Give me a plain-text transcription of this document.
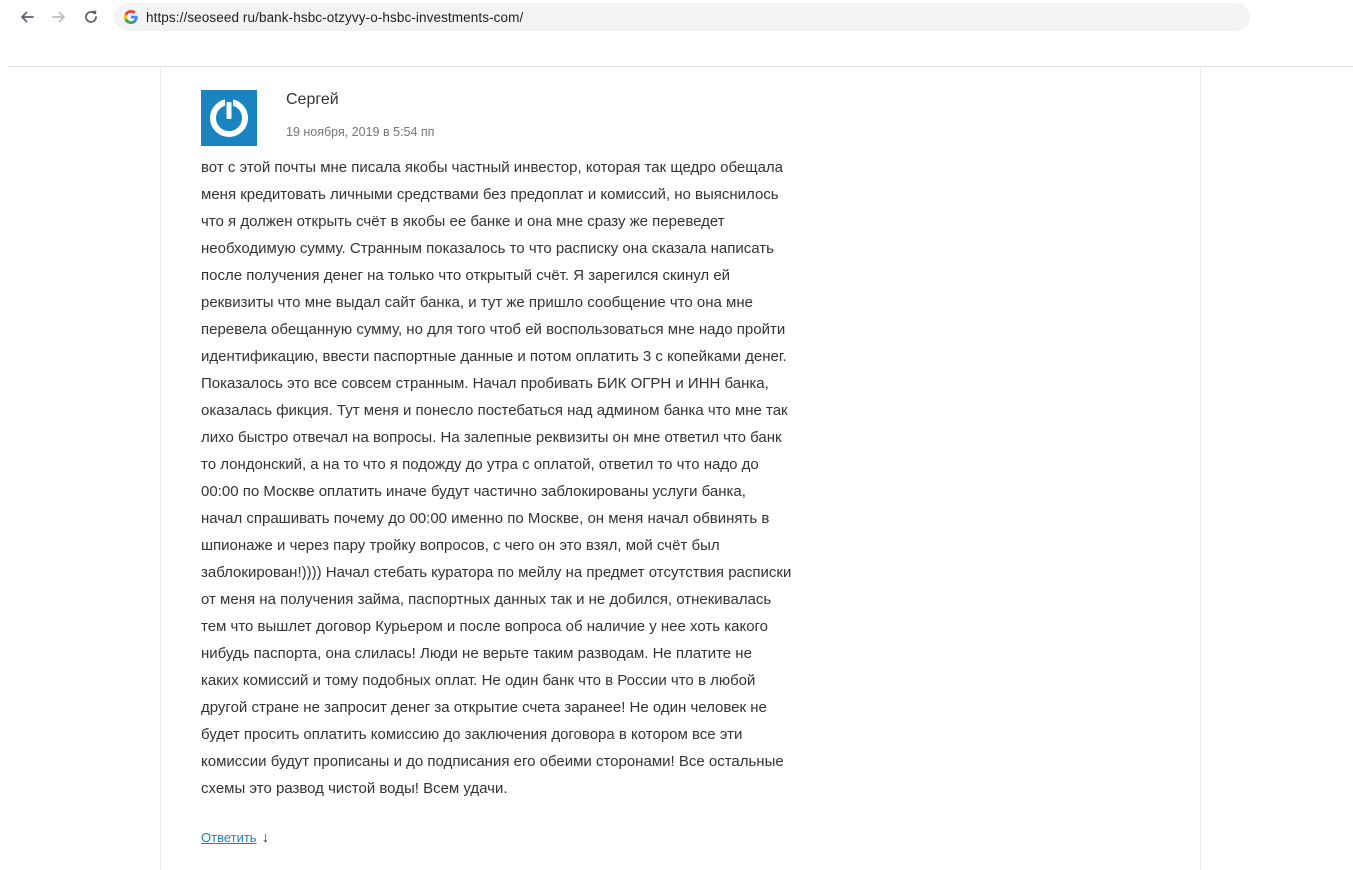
https://seoseed ru/bank-hsbc-otzyvy-o-hsbc-investments-com/
Сергей
19 ноября, 2019 в 5:54 пп
вот с этой почты мне писала якобы частный инвестор, которая так щедро обещала
меня кредитовать личными средствами без предоплат и комиссий, но выяснилось
что я должен открыть счёт в якобы ее банке и она мне сразу же переведет
необходимую сумму. Странным показалось то что расписку она сказала написать
после получения денег на только что открытый счёт. Я зарегился скинул ей
реквизиты что мне выдал сайт банка, и тут же пришло сообщение что она мне
перевела обещанную сумму, но для того чтоб ей воспользоваться мне надо пройти
идентификацию, ввести паспортные данные и потом оплатить 3 с копейками денег.
Показалось это все совсем странным. Начал пробивать БИК ОГРН и ИНН банка,
оказалась фикция. Тут меня и понесло постебаться над админом банка что мне так
лихо быстро отвечал на вопросы. На залепные реквизиты он мне ответил что банк
то лондонский, а на то что я подожду до утра с оплатой, ответил то что надо до
00:00 по Москве оплатить иначе будут частично заблокированы услуги банка,
начал спрашивать почему до 00:00 именно по Москве, он меня начал обвинять в
шпионаже и через пару тройку вопросов, с чего он это взял, мой счёт был
заблокирован!)))) Начал стебать куратора по мейлу на предмет отсутствия расписки
от меня на получения займа, паспортных данных так и не добился, отнекивалась
тем что вышлет договор Курьером и после вопроса об наличие у нее хоть какого
нибудь паспорта, она слилась! Люди не верьте таким разводам. Не платите не
каких комиссий и тому подобных оплат. Не один банк что в России что в любой
другой стране не запросит денег за открытие счета заранее! Не один человек не
будет просить оплатить комиссию до заключения договора в котором все эти
комиссии будут прописаны и до подписания его обеими сторонами! Все остальные
схемы это развод чистой воды! Всем удачи.
Ответить ↓
